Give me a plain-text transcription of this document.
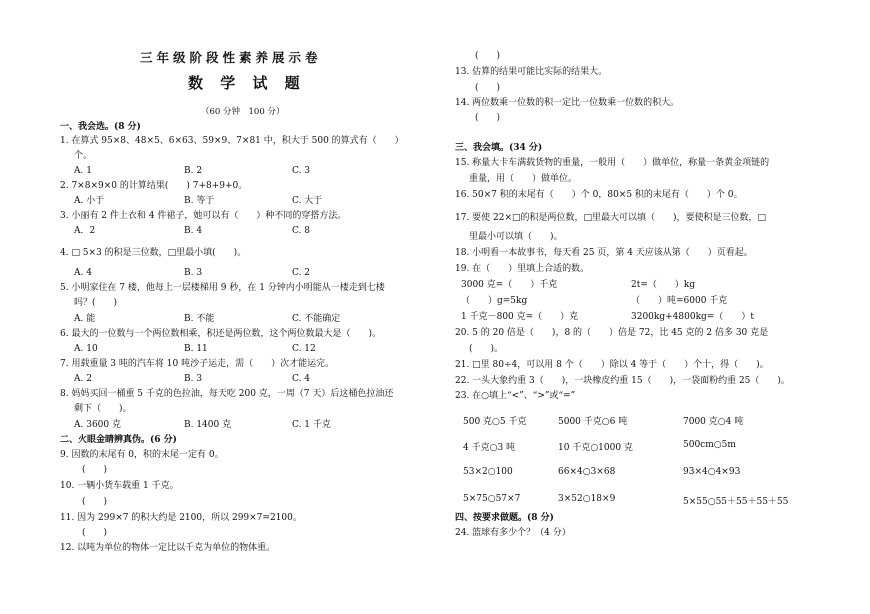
三年级阶段性素养展示卷
数 学 试 题
（60 分钟　100 分）
一、我会选。(8 分)
1. 在算式 95×8、48×5、6×63、59×9、7×81 中，积大于 500 的算式有（　　）
个。
A. 1	B. 2	C. 3
2. 7×8×9×0 的计算结果(　　) 7+8+9+0。
A. 小于	B. 等于	C. 大于
3. 小丽有 2 件上衣和 4 件裙子，她可以有（　　）种不同的穿搭方法。
A．2	B. 4	C. 8
4. □ 5×3 的积是三位数，□里最小填(　　)。
A. 4	B. 3	C. 2
5. 小明家住在 7 楼，他每上一层楼梯用 9 秒，在 1 分钟内小明能从一楼走到七楼
吗？(　　)
A. 能	B. 不能	C. 不能确定
6. 最大的一位数与一个两位数相乘，积还是两位数，这个两位数最大是（　　)。
A. 10	B. 11	C. 12
7. 用载重量 3 吨的汽车将 10 吨沙子运走，需（　　）次才能运完。
A. 2	B. 3	C. 4
8. 妈妈买回一桶重 5 千克的色拉油，每天吃 200 克，一周（7 天）后这桶色拉油还
剩下（　　)。
A. 3600 克	B. 1400 克	C. 1 千克
二、火眼金睛辨真伪。(6 分)
9. 因数的末尾有 0，积的末尾一定有 0。
(　　)
10. 一辆小货车载重 1 千克。
(　　)
11. 因为 299×7 的积大约是 2100，所以 299×7=2100。
(　　)
12. 以吨为单位的物体一定比以千克为单位的物体重。
500 克○5 千克	5000 千克○6 吨	7000 克○4 吨
4 千克○3 吨	10 千克○1000 克	500cm○5m
53×2○100	66×4○3×68	93×4○4×93
5×75○57×7	3×52○18×9	5×55○55＋55＋55＋55
(　　)
13. 估算的结果可能比实际的结果大。
(　　)
14. 两位数乘一位数的积一定比一位数乘一位数的积大。
(　　)
三、我会填。(34 分)
15. 称量大卡车满载货物的重量，一般用（　　）做单位，称量一条黄金项链的
重量，用（　　）做单位。
16. 50×7 积的末尾有（　　）个 0，80×5 积的末尾有（　　）个 0。
17. 要使 22×□的积是两位数，□里最大可以填（　　)，要使积是三位数，□
里最小可以填（　　)。
18. 小明看一本故事书，每天看 25 页，第 4 天应该从第（　　）页看起。
19. 在（　　）里填上合适的数。
3000 克=（　　）千克	2t=（　　）kg
（　　）g=5kg	（　　）吨=6000 千克
1 千克－800 克=（　　）克	3200kg+4800kg=（　　）t
20. 5 的 20 倍是（　　)，8 的（　　）倍是 72，比 45 克的 2 倍多 30 克是
(　　)。
21. □里 80÷4，可以用 8 个（　　）除以 4 等于（　　）个十，得（　　)。
22. 一头大象约重 3（　　)，一块橡皮约重 15（　　)，一袋面粉约重 25（　　)。
23. 在○填上“<”、“>”或“=”
四、按要求做题。(8 分)
24. 篮球有多少个？（4 分）
